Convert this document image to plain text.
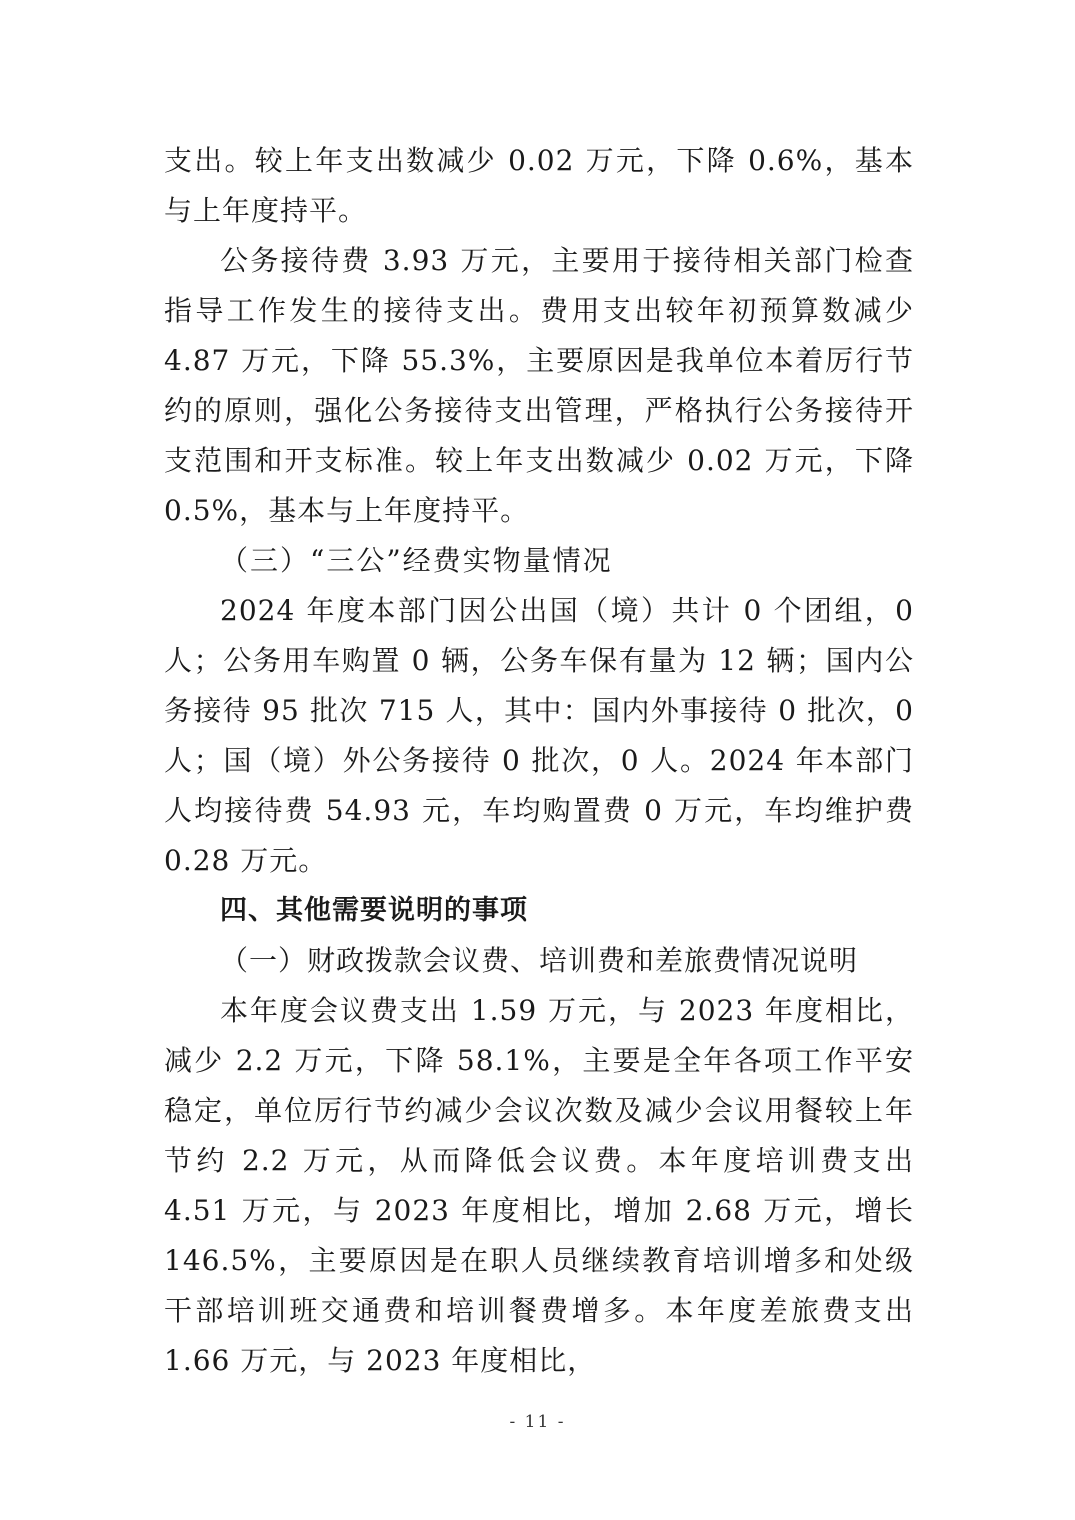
支出。较上年支出数减少 0.02 万元，下降 0.6%，基本与上年度持平。

公务接待费 3.93 万元，主要用于接待相关部门检查指导工作发生的接待支出。费用支出较年初预算数减少 4.87 万元，下降 55.3%，主要原因是我单位本着厉行节约的原则，强化公务接待支出管理，严格执行公务接待开支范围和开支标准。较上年支出数减少 0.02 万元，下降 0.5%，基本与上年度持平。

（三）“三公”经费实物量情况

2024 年度本部门因公出国（境）共计 0 个团组，0 人；公务用车购置 0 辆，公务车保有量为 12 辆；国内公务接待 95 批次 715 人，其中：国内外事接待 0 批次，0 人；国（境）外公务接待 0 批次，0 人。2024 年本部门人均接待费 54.93 元，车均购置费 0 万元，车均维护费 0.28 万元。

四、其他需要说明的事项

（一）财政拨款会议费、培训费和差旅费情况说明

本年度会议费支出 1.59 万元，与 2023 年度相比，减少 2.2 万元，下降 58.1%，主要是全年各项工作平安稳定，单位厉行节约减少会议次数及减少会议用餐较上年节约 2.2 万元，从而降低会议费。本年度培训费支出 4.51 万元，与 2023 年度相比，增加 2.68 万元，增长 146.5%，主要原因是在职人员继续教育培训增多和处级干部培训班交通费和培训餐费增多。本年度差旅费支出 1.66 万元，与 2023 年度相比，

- 11 -
